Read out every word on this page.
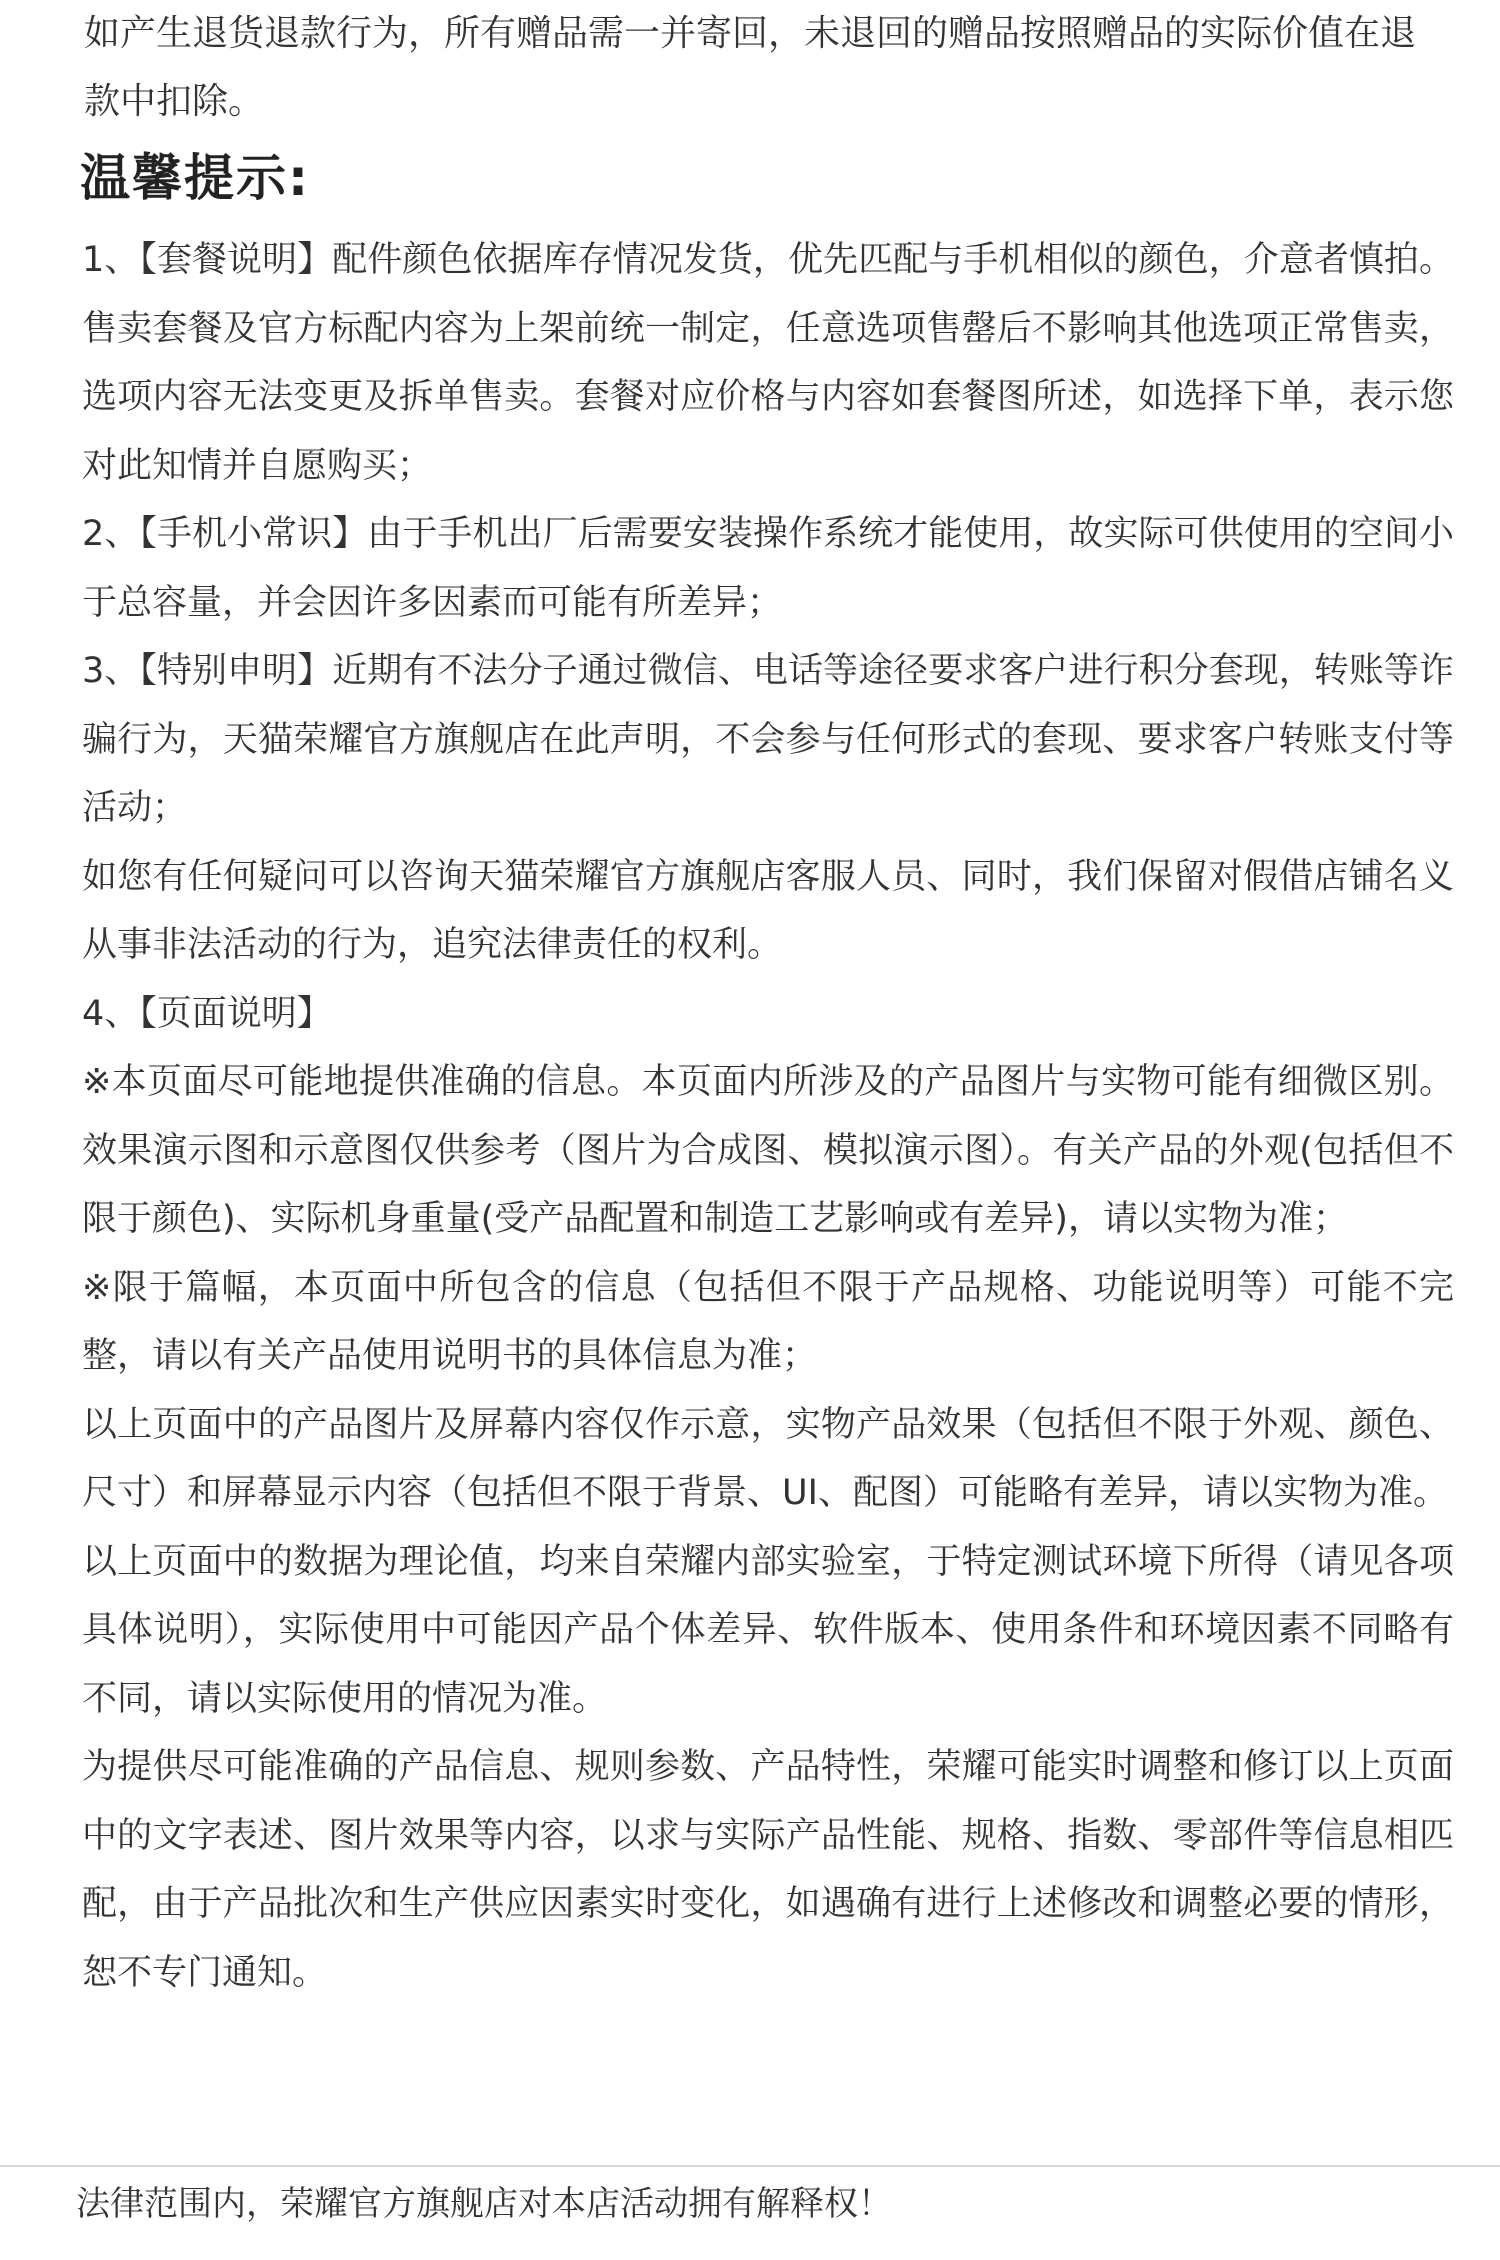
如产生退货退款行为，所有赠品需一并寄回，未退回的赠品按照赠品的实际价值在退款中扣除。

温馨提示:

1、【套餐说明】配件颜色依据库存情况发货，优先匹配与手机相似的颜色，介意者慎拍。售卖套餐及官方标配内容为上架前统一制定，任意选项售罄后不影响其他选项正常售卖，选项内容无法变更及拆单售卖。套餐对应价格与内容如套餐图所述，如选择下单，表示您对此知情并自愿购买；

2、【手机小常识】由于手机出厂后需要安装操作系统才能使用，故实际可供使用的空间小于总容量，并会因许多因素而可能有所差异；

3、【特别申明】近期有不法分子通过微信、电话等途径要求客户进行积分套现，转账等诈骗行为，天猫荣耀官方旗舰店在此声明，不会参与任何形式的套现、要求客户转账支付等活动；

如您有任何疑问可以咨询天猫荣耀官方旗舰店客服人员、同时，我们保留对假借店铺名义从事非法活动的行为，追究法律责任的权利。

4、【页面说明】

※本页面尽可能地提供准确的信息。本页面内所涉及的产品图片与实物可能有细微区别。效果演示图和示意图仅供参考（图片为合成图、模拟演示图）。有关产品的外观(包括但不限于颜色)、实际机身重量(受产品配置和制造工艺影响或有差异)，请以实物为准；

※限于篇幅，本页面中所包含的信息（包括但不限于产品规格、功能说明等）可能不完整，请以有关产品使用说明书的具体信息为准；

以上页面中的产品图片及屏幕内容仅作示意，实物产品效果（包括但不限于外观、颜色、尺寸）和屏幕显示内容（包括但不限于背景、UI、配图）可能略有差异，请以实物为准。

以上页面中的数据为理论值，均来自荣耀内部实验室，于特定测试环境下所得（请见各项具体说明），实际使用中可能因产品个体差异、软件版本、使用条件和环境因素不同略有不同，请以实际使用的情况为准。

为提供尽可能准确的产品信息、规则参数、产品特性，荣耀可能实时调整和修订以上页面中的文字表述、图片效果等内容，以求与实际产品性能、规格、指数、零部件等信息相匹配，由于产品批次和生产供应因素实时变化，如遇确有进行上述修改和调整必要的情形，恕不专门通知。

法律范围内，荣耀官方旗舰店对本店活动拥有解释权！
